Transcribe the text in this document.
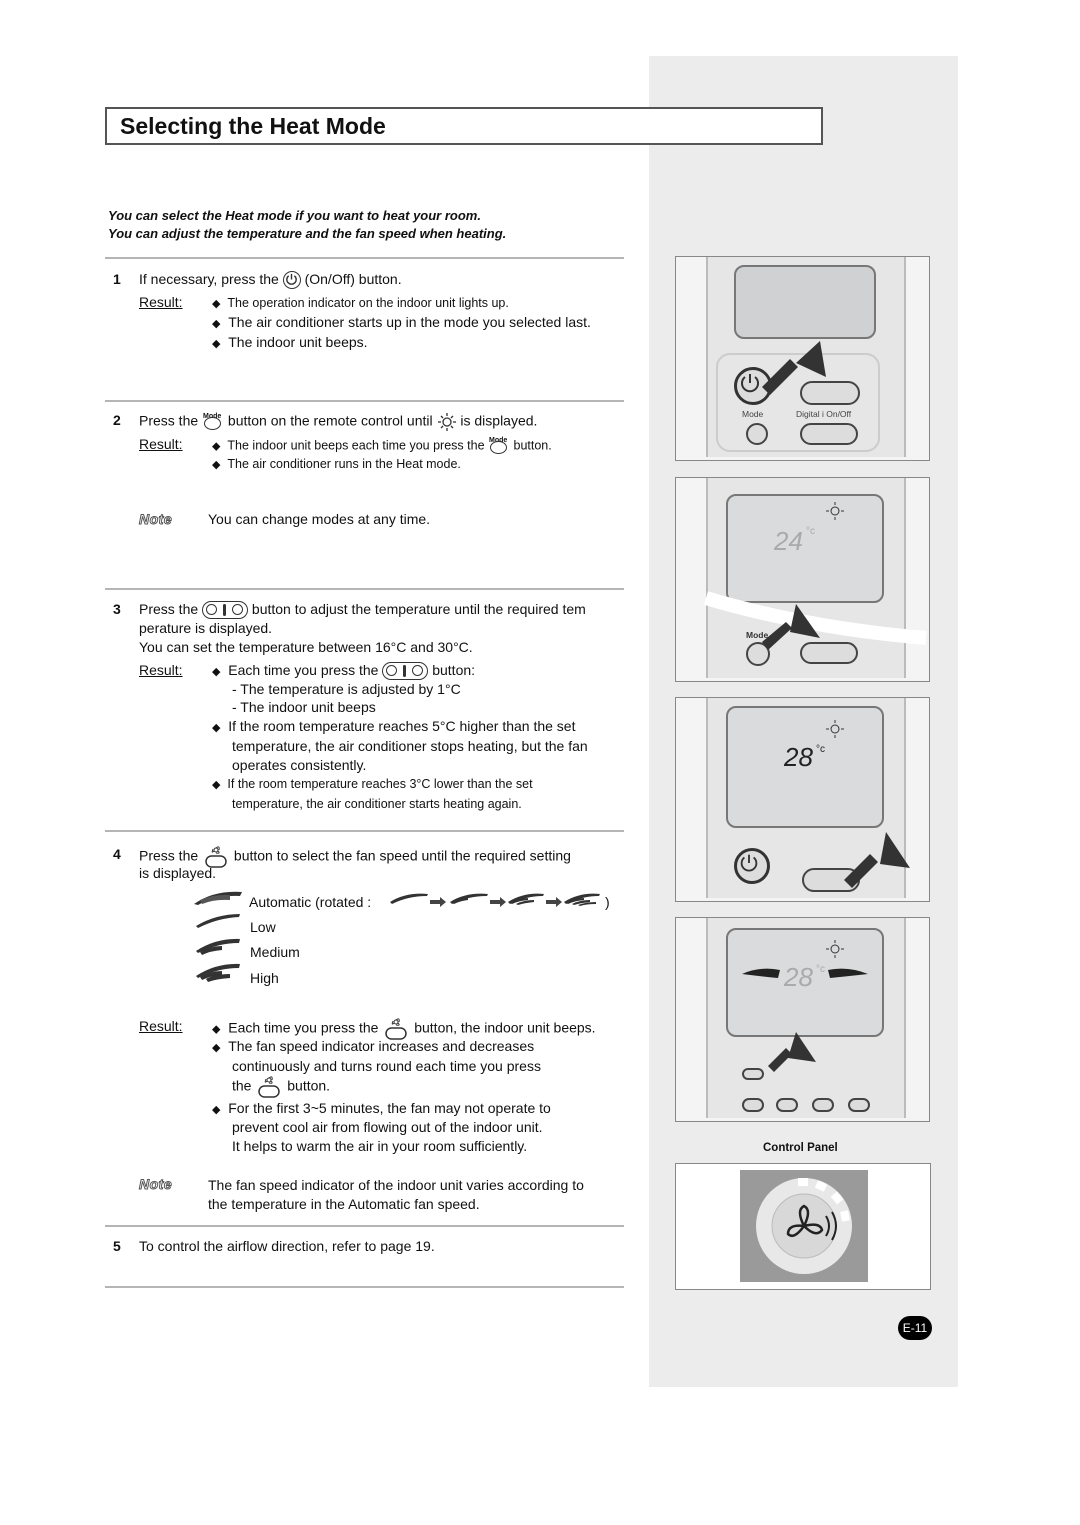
Selecting the Heat Mode
You can select the Heat mode if you want to heat your room.
You can adjust the temperature and the fan speed when heating.
1 If necessary, press the (On/Off) button.
Result:	◆ The operation indicator on the indoor unit lights up.
◆ The air conditioner starts up in the mode you selected last.
◆ The indoor unit beeps.
2 Press the Mode button on the remote control until is displayed.
Result:	◆ The indoor unit beeps each time you press the Mode button.
◆ The air conditioner runs in the Heat mode.
Note	You can change modes at any time.
3 Press the	button to adjust the temperature until the required tem
perature is displayed.
You can set the temperature between 16°C and 30°C.
Result:	◆ Each time you press the	button:
- The temperature is adjusted by 1°C
- The indoor unit beeps
◆ If the room temperature reaches 5°C higher than the set
temperature, the air conditioner stops heating, but the fan
operates consistently.
◆ If the room temperature reaches 3°C lower than the set
temperature, the air conditioner starts heating again.
4 Press the	button to select the fan speed until the required setting
is displayed.
Automatic (rotated :	)
Low
Medium
High
Result:	◆ Each time you press the	button, the indoor unit beeps.
◆ The fan speed indicator increases and decreases
continuously and turns round each time you press
the	button.
◆ For the first 3~5 minutes, the fan may not operate to
prevent cool air from flowing out of the indoor unit.
It helps to warm the air in your room sufficiently.
Note	The fan speed indicator of the indoor unit varies according to
the temperature in the Automatic fan speed.
5 To control the airflow direction, refer to page 19.
Mode	Digital i On/Off
24 °c
Mode
28 °c
28 °c
Control Panel
E-11
